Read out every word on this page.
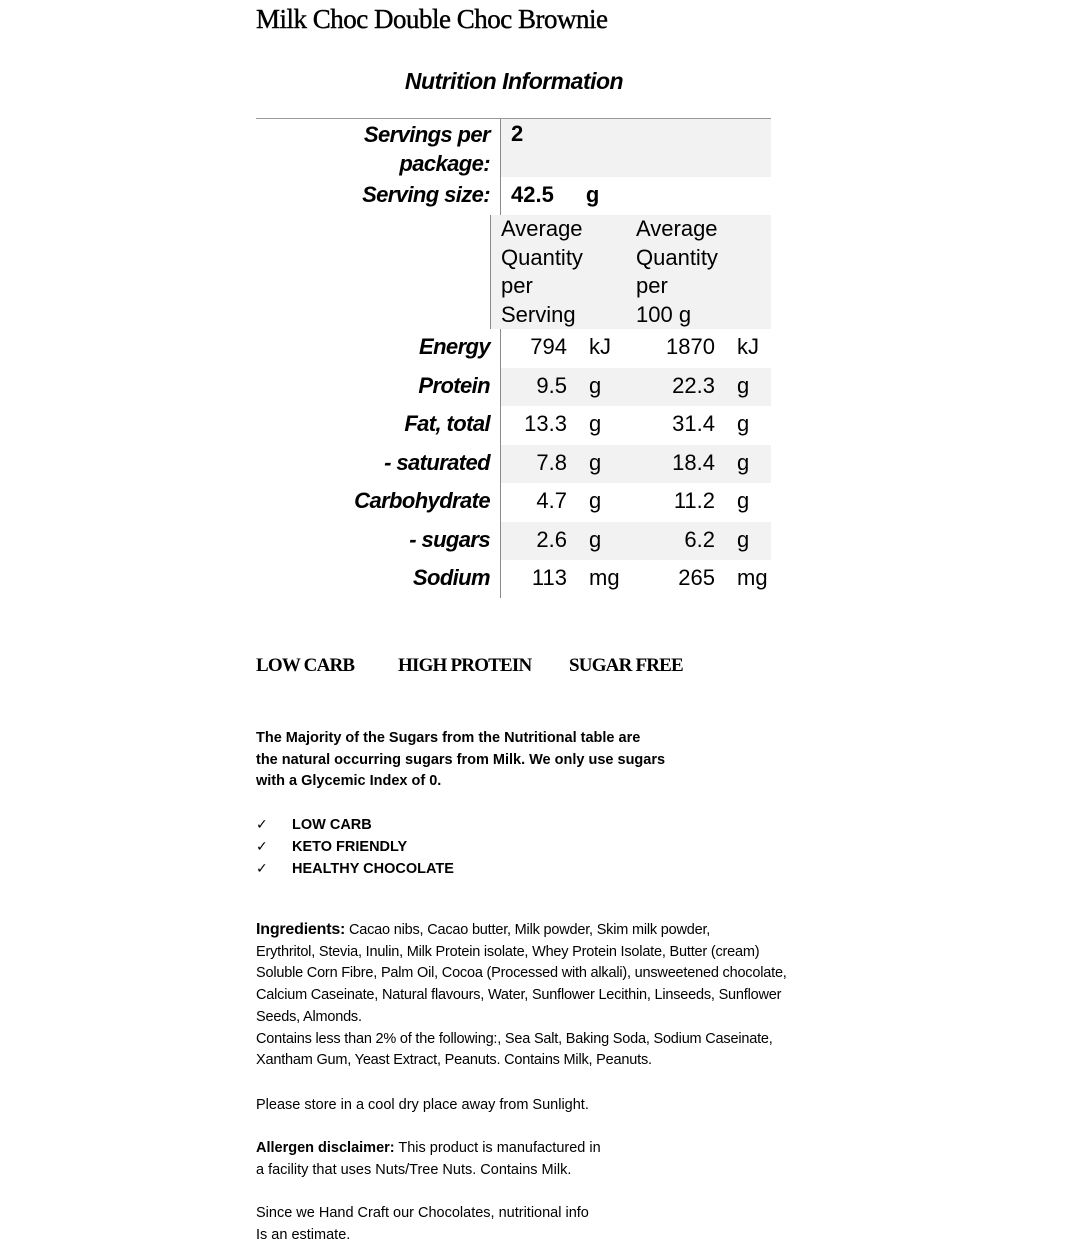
Milk Choc Double Choc Brownie
Nutrition Information
Servings per
package:
2
Serving size: 42.5 g
Average
Quantity
per
Serving
Average
Quantity
per
100 g
Energy	794	kJ	1870	kJ
Protein	9.5	g	22.3	g
Fat, total	13.3	g	31.4	g
- saturated	7.8	g	18.4	g
Carbohydrate	4.7	g	11.2	g
- sugars	2.6	g	6.2	g
Sodium	113	mg	265	mg
LOW CARB	HIGH PROTEIN	SUGAR FREE
The Majority of the Sugars from the Nutritional table are
the natural occurring sugars from Milk. We only use sugars
with a Glycemic Index of 0.
✓	LOW CARB
✓	KETO FRIENDLY
✓	HEALTHY CHOCOLATE
Ingredients: Cacao nibs, Cacao butter, Milk powder, Skim milk powder,
Erythritol, Stevia, Inulin, Milk Protein isolate, Whey Protein Isolate, Butter (cream)
Soluble Corn Fibre, Palm Oil, Cocoa (Processed with alkali), unsweetened chocolate,
Calcium Caseinate, Natural flavours, Water, Sunflower Lecithin, Linseeds, Sunflower
Seeds, Almonds.
Contains less than 2% of the following:, Sea Salt, Baking Soda, Sodium Caseinate,
Xantham Gum, Yeast Extract, Peanuts. Contains Milk, Peanuts.
Please store in a cool dry place away from Sunlight.
Allergen disclaimer: This product is manufactured in
a facility that uses Nuts/Tree Nuts. Contains Milk.
Since we Hand Craft our Chocolates, nutritional info
Is an estimate.
